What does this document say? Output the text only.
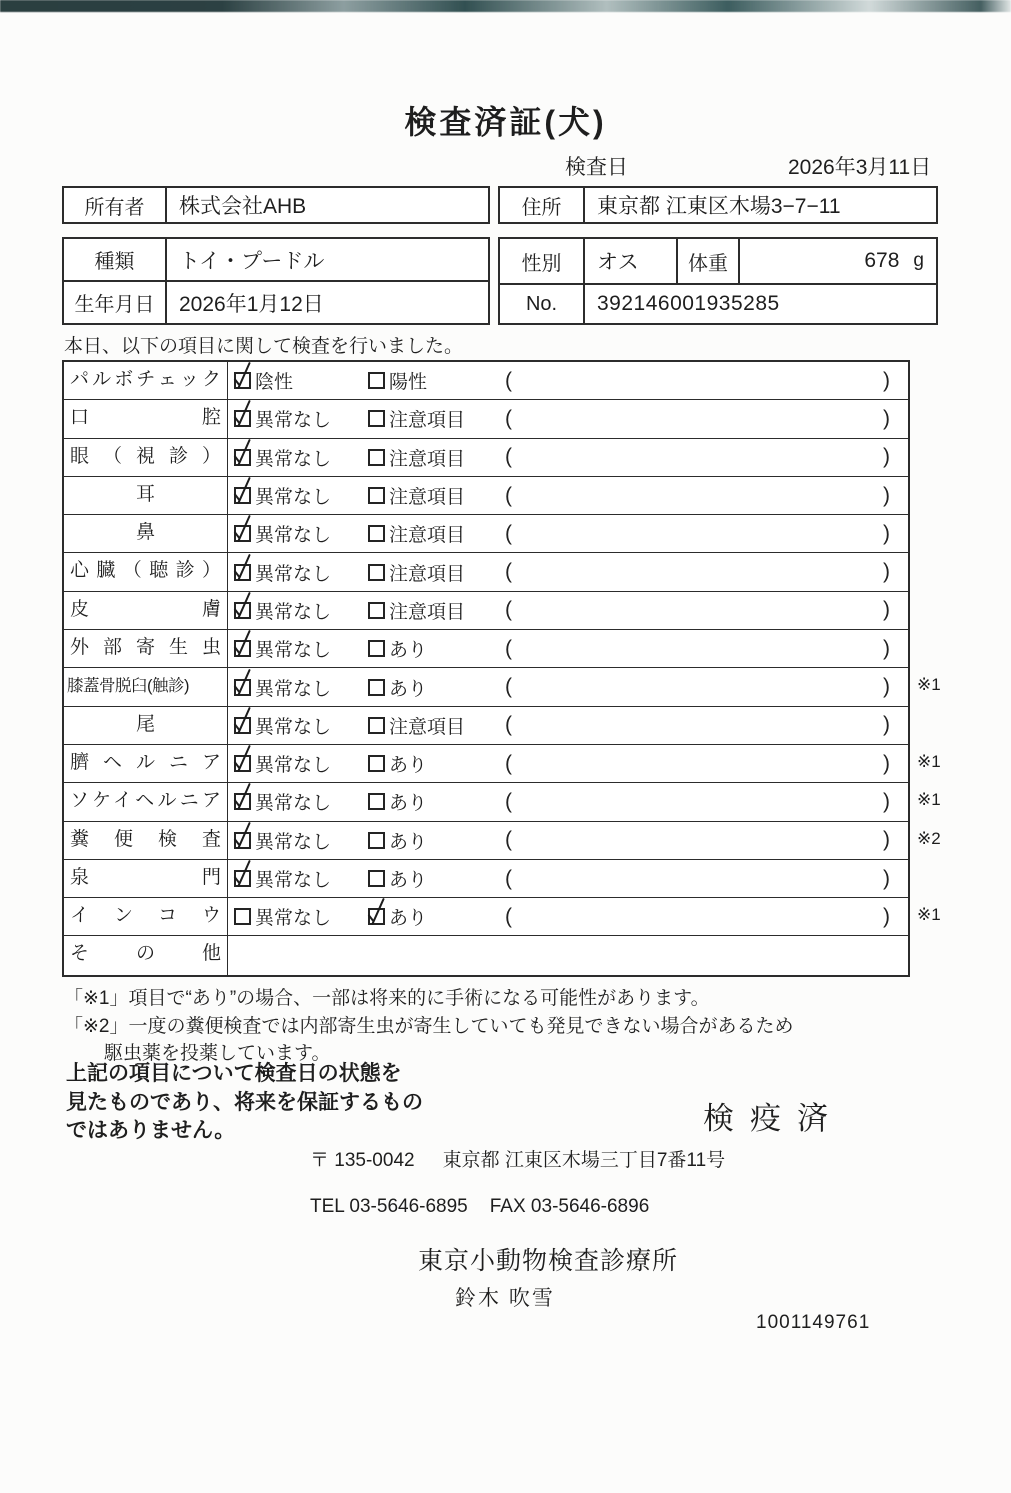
検査済証(犬)
検査日	2026年3月11日
所有者	株式会社AHB	住所	東京都 江東区木場3−7−11
種類	トイ・プードル
生年月日	2026年1月12日
性別	オス	体重	678 g
No.	392146001935285
本日、以下の項目に関して検査を行いました。
パルボチェック	陰性	陽性	(	)
口腔	異常なし	注意項目 (	)
眼（視診）	異常なし	注意項目 (	)
耳	異常なし	注意項目 (	)
鼻	異常なし	注意項目 (	)
心臓（聴診）	異常なし	注意項目 (	)
皮膚	異常なし	注意項目 (	)
外部寄生虫	異常なし	あり	(	)
膝蓋骨脱臼(触診)	異常なし	あり	(	) ※1
尾	異常なし	注意項目 (	)
臍ヘルニア	異常なし	あり	(	) ※1
ソケイヘルニア	異常なし	あり	(	) ※1
糞便検査	異常なし	あり	(	) ※2
泉門	異常なし	あり	(	)
インコウ	異常なし	あり	(	) ※1
その他
「※1」項目で“あり”の場合、一部は将来的に手術になる可能性があります。
「※2」一度の糞便検査では内部寄生虫が寄生していても発見できない場合があるため
駆虫薬を投薬しています。
上記の項目について検査日の状態を
見たものであり、将来を保証するもの
ではありません。	検疫済
〒 135-0042 東京都 江東区木場三丁目7番11号
TEL 03-5646-6895 FAX 03-5646-6896
東京小動物検査診療所
鈴木 吹雪
1001149761
